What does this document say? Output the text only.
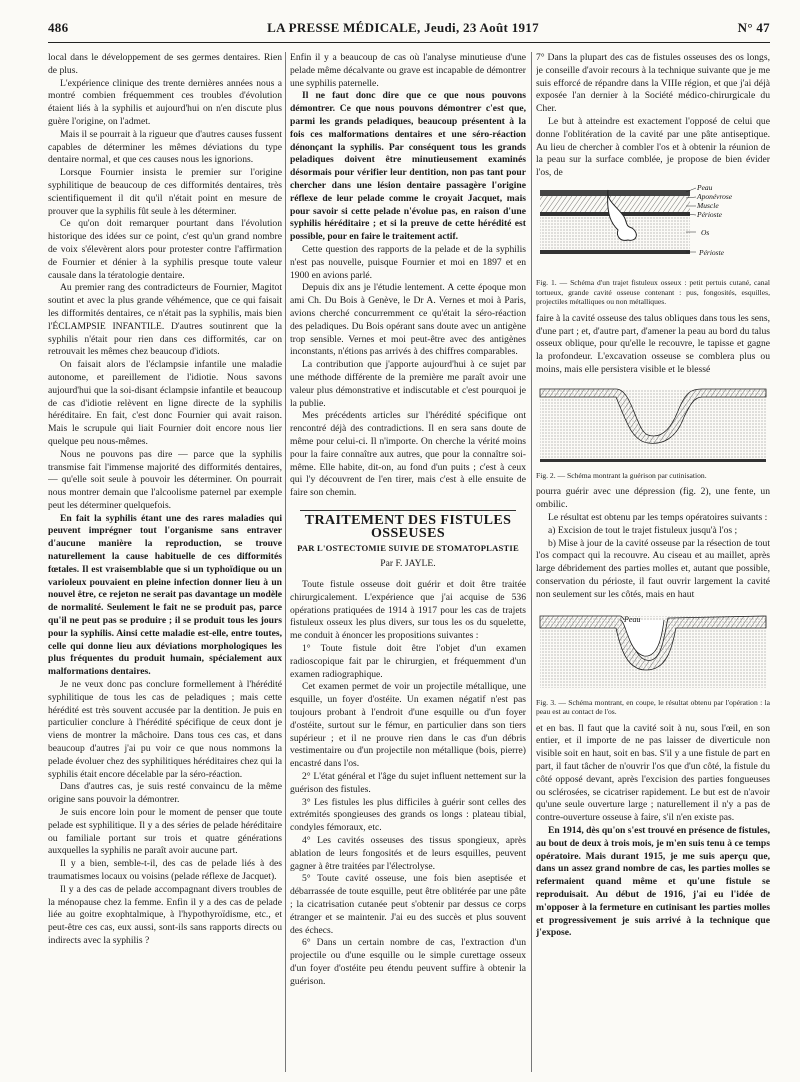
486	LA PRESSE MÉDICALE, Jeudi, 23 Août 1917	N° 47

local dans le développement de ses germes dentaires. Rien de plus.

L'expérience clinique des trente dernières années nous a montré combien fréquemment ces troubles d'évolution étaient liés à la syphilis et aujourd'hui on n'en discute plus guère l'origine, on l'admet.

Mais il se pourrait à la rigueur que d'autres causes fussent capables de déterminer les mêmes déviations du type dentaire normal, et que ces causes nous les ignorions.

Lorsque Fournier insista le premier sur l'origine syphilitique de beaucoup de ces difformités dentaires, très scientifiquement il dit qu'il n'était point en mesure de prouver que la syphilis fût seule à les déterminer.

Ce qu'on doit remarquer pourtant dans l'évolution historique des idées sur ce point, c'est qu'un grand nombre de voix s'élevèrent alors pour protester contre l'affirmation de Fournier et dénier à la syphilis presque toute valeur causale dans la tératologie dentaire.

Au premier rang des contradicteurs de Fournier, Magitot soutint et avec la plus grande véhémence, que ce qui faisait les difformités dentaires, ce n'était pas la syphilis, mais bien l'ÉCLAMPSIE INFANTILE. D'autres soutinrent que la syphilis n'était pour rien dans ces difformités, car on retrouvait les mêmes chez beaucoup d'idiots.

On faisait alors de l'éclampsie infantile une maladie autonome, et pareillement de l'idiotie. Nous savons aujourd'hui que la soi-disant éclampsie infantile et beaucoup de cas d'idiotie relèvent en ligne directe de la syphilis héréditaire. En fait, c'est donc Fournier qui avait raison. Mais le scrupule qui liait Fournier doit encore nous lier quelque peu nous-mêmes.

Nous ne pouvons pas dire — parce que la syphilis transmise fait l'immense majorité des difformités dentaires, — qu'elle soit seule à pouvoir les déterminer. On pourrait nous montrer demain que l'alcoolisme paternel par exemple peut les déterminer quelquefois.

En fait la syphilis étant une des rares maladies qui peuvent imprégner tout l'organisme sans entraver d'aucune manière la reproduction, se trouve naturellement la cause habituelle de ces difformités fœtales. Il est vraisemblable que si un typhoïdique ou un varioleux pouvaient en pleine infection donner lieu à un nouvel être, ce rejeton ne serait pas davantage un modèle de normalité. Seulement le fait ne se produit pas, parce qu'il ne peut pas se produire ; il se produit tous les jours pour la syphilis. Ainsi cette maladie est-elle, entre toutes, celle qui donne lieu aux déviations morphologiques les plus fréquentes du produit humain, spécialement aux malformations dentaires.

Je ne veux donc pas conclure formellement à l'hérédité syphilitique de tous les cas de peladiques ; mais cette hérédité est très souvent accusée par la dentition. Je puis en particulier conclure à l'hérédité spécifique de ceux dont je viens de montrer la mâchoire. Dans tous ces cas, et dans beaucoup d'autres j'ai pu voir ce que nous nommons la pelade évoluer chez des syphilitiques héréditaires chez qui la syphilis était encore décelable par la séro-réaction.

Dans d'autres cas, je suis resté convaincu de la même origine sans pouvoir la démontrer.

Je suis encore loin pour le moment de penser que toute pelade est syphilitique. Il y a des séries de pelade héréditaire ou familiale portant sur trois et quatre générations auxquelles la syphilis ne paraît avoir aucune part.

Il y a bien, semble-t-il, des cas de pelade liés à des traumatismes locaux ou voisins (pelade réflexe de Jacquet).

Il y a des cas de pelade accompagnant divers troubles de la ménopause chez la femme. Enfin il y a des cas de pelade liée au goitre exophtalmique, à l'hypothyroïdisme, etc., et peut-être ces cas, eux aussi, sont-ils sans rapports directs ou indirects avec la syphilis ?

Enfin il y a beaucoup de cas où l'analyse minutieuse d'une pelade même décalvante ou grave est incapable de démontrer une syphilis paternelle.

Il ne faut donc dire que ce que nous pouvons démontrer. Ce que nous pouvons démontrer c'est que, parmi les grands peladiques, beaucoup présentent à la fois ces malformations dentaires et une séro-réaction dénonçant la syphilis. Par conséquent tous les grands peladiques doivent être minutieusement examinés désormais pour vérifier leur dentition, non pas tant pour chercher dans une lésion dentaire passagère l'origine réflexe de leur pelade comme le croyait Jacquet, mais pour savoir si cette pelade n'évolue pas, en raison d'une syphilis héréditaire ; et si la preuve de cette hérédité est possible, pour en faire le traitement actif.

Cette question des rapports de la pelade et de la syphilis n'est pas nouvelle, puisque Fournier et moi en 1897 et en 1900 en avions parlé.

Depuis dix ans je l'étudie lentement. A cette époque mon ami Ch. Du Bois à Genève, le Dr A. Vernes et moi à Paris, avions cherché concurremment ce qu'était la séro-réaction des peladiques. Du Bois opérant sans doute avec un antigène trop sensible. Vernes et moi peut-être avec des antigènes inconstants, n'étions pas arrivés à des chiffres comparables.

La contribution que j'apporte aujourd'hui à ce sujet par une méthode différente de la première me paraît avoir une valeur plus démonstrative et indiscutable et c'est pourquoi je la publie.

Mes précédents articles sur l'hérédité spécifique ont rencontré déjà des contradictions. Il en sera sans doute de même pour celui-ci. Il n'importe. On cherche la vérité moins pour la faire connaître aux autres, que pour la connaître soi-même. Elle habite, dit-on, au fond d'un puits ; c'est à ceux qui l'y découvrent de l'en tirer, mais c'est à elle ensuite de faire son chemin.

TRAITEMENT DES FISTULES OSSEUSES
PAR L'OSTECTOMIE SUIVIE DE STOMATOPLASTIE
Par F. JAYLE.

Toute fistule osseuse doit guérir et doit être traitée chirurgicalement. L'expérience que j'ai acquise de 536 opérations pratiquées de 1914 à 1917 pour les cas de trajets fistuleux osseux les plus divers, sur tous les os du squelette, me conduit à énoncer les propositions suivantes :

1° Toute fistule doit être l'objet d'un examen radioscopique fait par le chirurgien, et fréquemment d'un examen radiographique.

Cet examen permet de voir un projectile métallique, une esquille, un foyer d'ostéite. Un examen négatif n'est pas toujours probant à l'endroit d'une esquille ou d'un foyer d'ostéite, surtout sur le fémur, en particulier dans son tiers supérieur ; et il ne prouve rien dans le cas d'un débris vestimentaire ou d'un projectile non métallique (bois, pierre) encastré dans l'os.

2° L'état général et l'âge du sujet influent nettement sur la guérison des fistules.

3° Les fistules les plus difficiles à guérir sont celles des extrémités spongieuses des grands os longs : plateau tibial, condyles fémoraux, etc.

4° Les cavités osseuses des tissus spongieux, après ablation de leurs fongosités et de leurs esquilles, peuvent gagner à être traitées par l'électrolyse.

5° Toute cavité osseuse, une fois bien aseptisée et débarrassée de toute esquille, peut être oblitérée par une pâte ; la cicatrisation cutanée peut s'obtenir par dessus ce corps étranger et se maintenir. J'ai eu des succès et plus souvent des échecs.

6° Dans un certain nombre de cas, l'extraction d'un projectile ou d'une esquille ou le simple curettage osseux d'un foyer d'ostéite peu étendu peuvent suffire à obtenir la guérison.

7° Dans la plupart des cas de fistules osseuses des os longs, je conseille d'avoir recours à la technique suivante que je me suis efforcé de répandre dans la VIIIe région, et que j'ai déjà exposée l'an dernier à la Société médico-chirurgicale du Cher.

Le but à atteindre est exactement l'opposé de celui que donne l'oblitération de la cavité par une pâte antiseptique. Au lieu de chercher à combler l'os et à obtenir la réunion de la peau sur la surface comblée, je propose de bien évider l'os, de

Peau
Aponévrose
Muscle
Périoste
Os
Périoste
Fig. 1. — Schéma d'un trajet fistuleux osseux : petit pertuis cutané, canal tortueux, grande cavité osseuse contenant : pus, fongosités, esquilles, projectiles métalliques ou non métalliques.

faire à la cavité osseuse des talus obliques dans tous les sens, d'une part ; et, d'autre part, d'amener la peau au bord du talus osseux oblique, pour qu'elle le recouvre, le tapisse et gagne la profondeur. L'excavation osseuse se comblera plus ou moins, mais elle persistera visible et le blessé

Fig. 2. — Schéma montrant la guérison par cutinisation.

pourra guérir avec une dépression (fig. 2), une fente, un ombilic.

Le résultat est obtenu par les temps opératoires suivants :

a) Excision de tout le trajet fistuleux jusqu'à l'os ;

b) Mise à jour de la cavité osseuse par la résection de tout l'os compact qui la recouvre. Au ciseau et au maillet, après large débridement des parties molles et, autant que possible, conservation du périoste, il faut ouvrir largement la cavité non seulement sur les côtés, mais en haut

Peau
Fig. 3. — Schéma montrant, en coupe, le résultat obtenu par l'opération : la peau est au contact de l'os.

et en bas. Il faut que la cavité soit à nu, sous l'œil, en son entier, et il importe de ne pas laisser de diverticule non visible soit en haut, soit en bas. S'il y a une fistule de part en part, il faut tâcher de n'ouvrir l'os que d'un côté, la fistule du côté opposé devant, après l'excision des parties fongueuses ou sclérosées, se cicatriser rapidement. Le but est de n'avoir qu'une seule ouverture large ; naturellement il n'y a pas de contre-ouverture osseuse à faire, s'il n'en existe pas.

En 1914, dès qu'on s'est trouvé en présence de fistules, au bout de deux à trois mois, je m'en suis tenu à ce temps opératoire. Mais durant 1915, je me suis aperçu que, dans un assez grand nombre de cas, les parties molles se refermaient quand même et qu'une fistule se reproduisait. Au début de 1916, j'ai eu l'idée de m'opposer à la fermeture en cutinisant les parties molles et progressivement je suis arrivé à la technique que j'expose.
